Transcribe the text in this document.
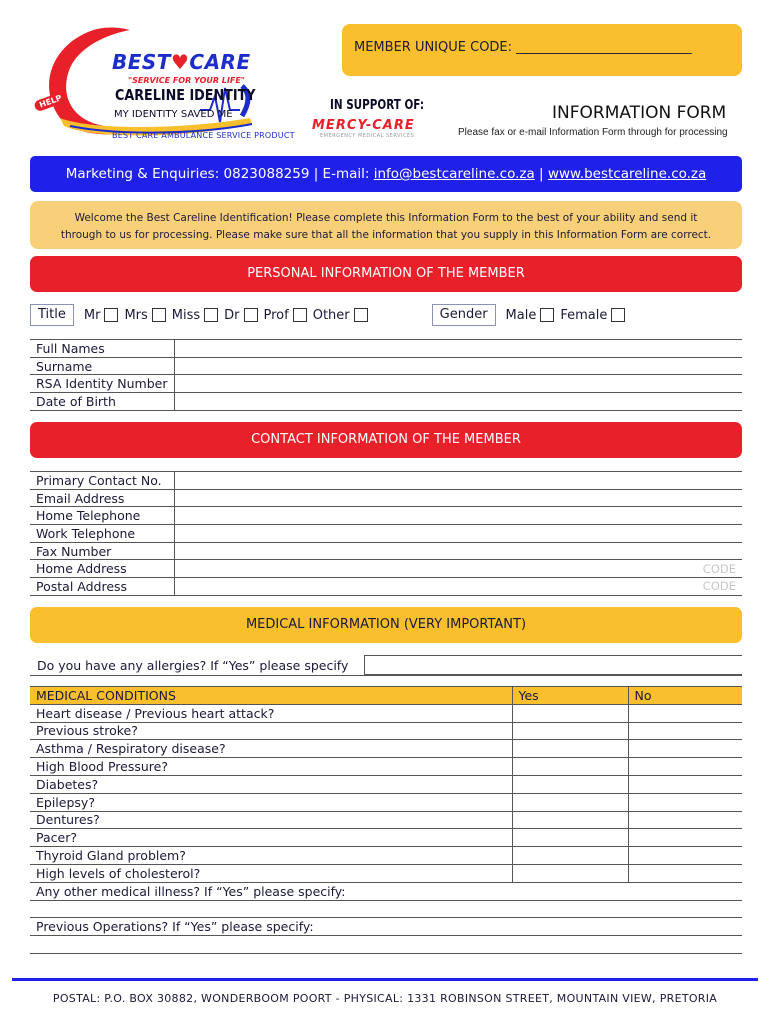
BEST♥CARE
"SERVICE FOR YOUR LIFE"
CARELINE IDENTITY
MY IDENTITY SAVED ME
HELP
BEST CARE AMBULANCE SERVICE PRODUCT
IN SUPPORT OF:
MERCY-CARE
EMERGENCY MEDICAL SERVICES
MEMBER UNIQUE CODE: ___________________________
INFORMATION FORM
Please fax or e-mail Information Form through for processing
Marketing & Enquiries: 0823088259 | E-mail: info@bestcareline.co.za | www.bestcareline.co.za
Welcome the Best Careline Identification! Please complete this Information Form to the best of your ability and send it
through to us for processing. Please make sure that all the information that you supply in this Information Form are correct.
PERSONAL INFORMATION OF THE MEMBER
Title	Mr Mrs Miss Dr Prof Other	Gender	Male Female
Full Names	
Surname	
RSA Identity Number	
Date of Birth	
CONTACT INFORMATION OF THE MEMBER
Primary Contact No.	
Email Address	
Home Telephone	
Work Telephone	
Fax Number	
Home Address	CODE
Postal Address	CODE
MEDICAL INFORMATION (VERY IMPORTANT)
Do you have any allergies? If “Yes” please specify
MEDICAL CONDITIONS	Yes	No
Heart disease / Previous heart attack?		
Previous stroke?		
Asthma / Respiratory disease?		
High Blood Pressure?		
Diabetes?		
Epilepsy?		
Dentures?		
Pacer?		
Thyroid Gland problem?		
High levels of cholesterol?		
Any other medical illness? If “Yes” please specify:		

Previous Operations? If “Yes” please specify:		

POSTAL: P.O. BOX 30882, WONDERBOOM POORT - PHYSICAL: 1331 ROBINSON STREET, MOUNTAIN VIEW, PRETORIA
